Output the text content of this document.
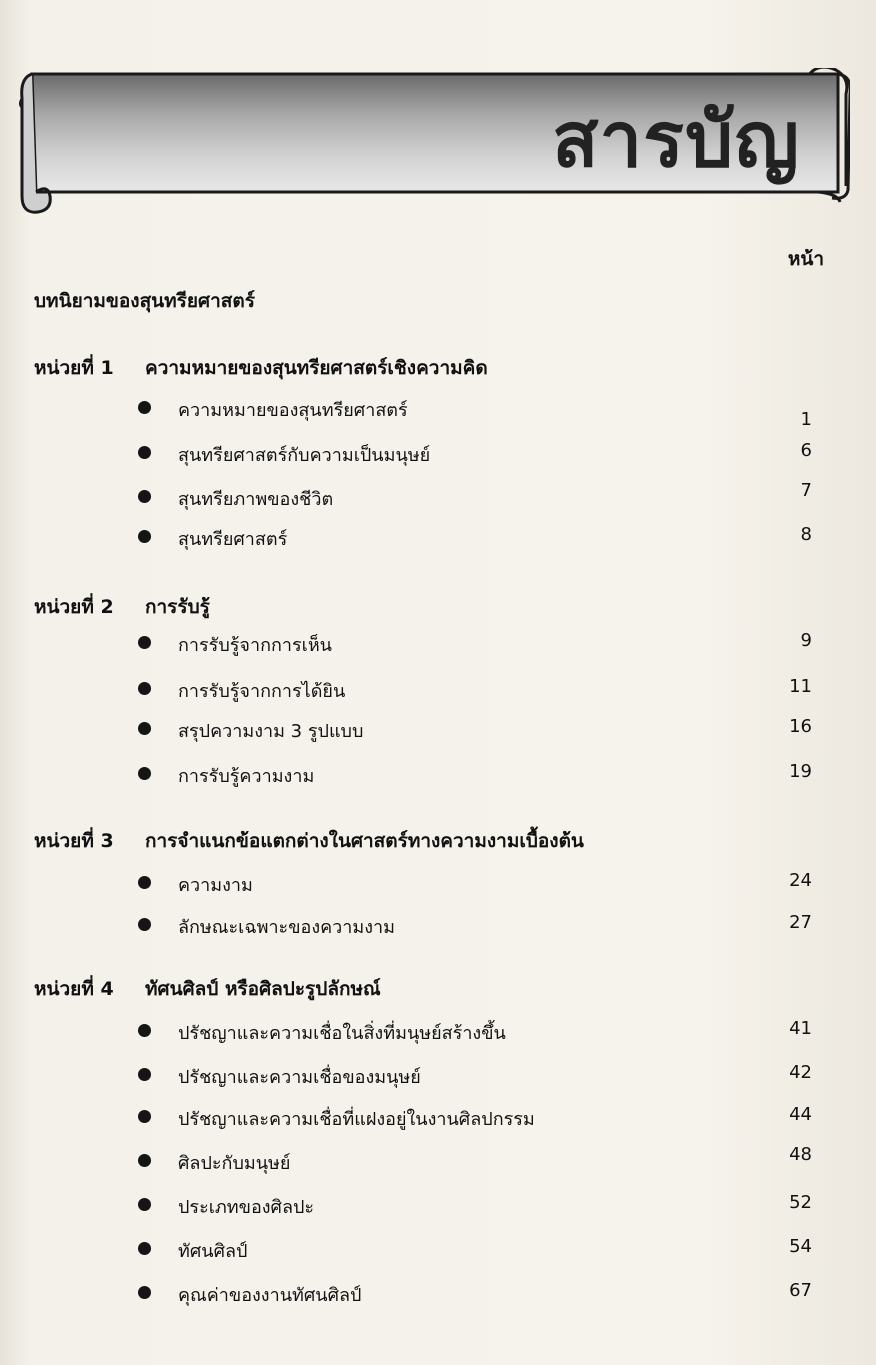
สารบัญ
หน้า
บทนิยามของสุนทรียศาสตร์
หน่วยที่ 1 ความหมายของสุนทรียศาสตร์เชิงความคิด
ความหมายของสุนทรียศาสตร์	1
สุนทรียศาสตร์กับความเป็นมนุษย์	6
สุนทรียภาพของชีวิต	7
สุนทรียศาสตร์	8
หน่วยที่ 2 การรับรู้
การรับรู้จากการเห็น	9
การรับรู้จากการได้ยิน	11
สรุปความงาม 3 รูปแบบ	16
การรับรู้ความงาม	19
หน่วยที่ 3 การจำแนกข้อแตกต่างในศาสตร์ทางความงามเบื้องต้น
ความงาม	24
ลักษณะเฉพาะของความงาม	27
หน่วยที่ 4 ทัศนศิลป์ หรือศิลปะรูปลักษณ์
ปรัชญาและความเชื่อในสิ่งที่มนุษย์สร้างขึ้น	41
ปรัชญาและความเชื่อของมนุษย์	42
ปรัชญาและความเชื่อที่แฝงอยู่ในงานศิลปกรรม	44
ศิลปะกับมนุษย์	48
ประเภทของศิลปะ	52
ทัศนศิลป์	54
คุณค่าของงานทัศนศิลป์	67
